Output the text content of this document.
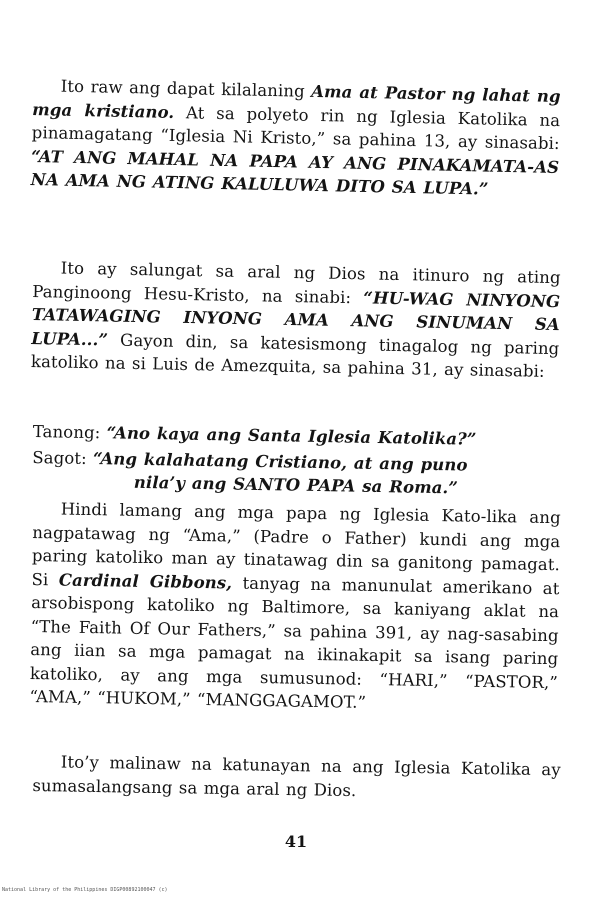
Ito raw ang dapat kilalaning Ama at Pastor ng lahat ng mga kristiano. At sa polyeto rin ng Iglesia Katolika na pinamagatang “Iglesia Ni Kristo,” sa pahina 13, ay sinasabi: “AT ANG MAHAL NA PAPA AY ANG PINAKAMATA-AS NA AMA NG ATING KALULUWA DITO SA LUPA.”

Ito ay salungat sa aral ng Dios na itinuro ng ating Panginoong Hesu-Kristo, na sinabi: “HU-WAG NINYONG TATAWAGING INYONG AMA ANG SINUMAN SA LUPA...” Gayon din, sa katesismong tinagalog ng paring katoliko na si Luis de Amezquita, sa pahina 31, ay sinasabi:

Tanong: “Ano kaya ang Santa Iglesia Katolika?”

Sagot: “Ang kalahatang Cristiano, at ang puno
nila’y ang SANTO PAPA sa Roma.”

Hindi lamang ang mga papa ng Iglesia Kato-lika ang nagpatawag ng “Ama,” (Padre o Father) kundi ang mga paring katoliko man ay tinatawag din sa ganitong pamagat. Si Cardinal Gibbons, tanyag na manunulat amerikano at arsobispong katoliko ng Baltimore, sa kaniyang aklat na “The Faith Of Our Fathers,” sa pahina 391, ay nag-sasabing ang iian sa mga pamagat na ikinakapit sa isang paring katoliko, ay ang mga sumusunod: “HARI,” “PASTOR,” “AMA,” “HUKOM,” “MANGGAGAMOT.”

Ito’y malinaw na katunayan na ang Iglesia Katolika ay sumasalangsang sa mga aral ng Dios.

41
National Library of the Philippines DIGP00892100047 (c)
